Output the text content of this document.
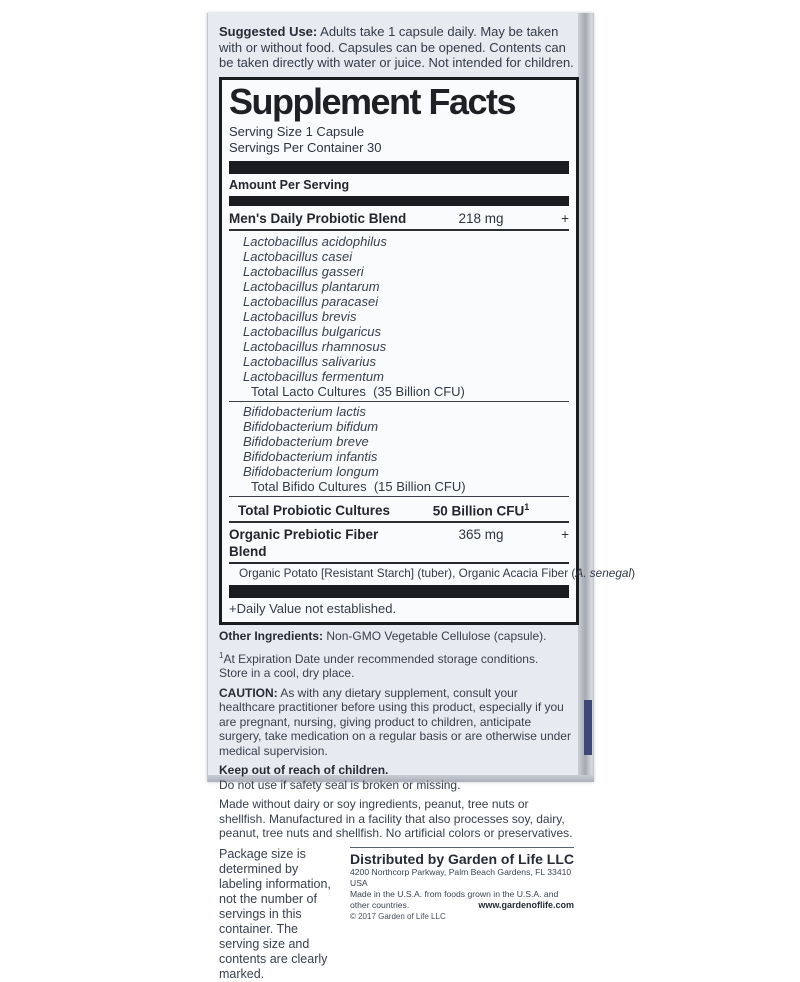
Suggested Use: Adults take 1 capsule daily. May be taken with or without food. Capsules can be opened. Contents can be taken directly with water or juice. Not intended for children.

Supplement Facts
Serving Size 1 Capsule
Servings Per Container 30
Amount Per Serving
Men's Daily Probiotic Blend	218 mg	+
Lactobacillus acidophilus
Lactobacillus casei
Lactobacillus gasseri
Lactobacillus plantarum
Lactobacillus paracasei
Lactobacillus brevis
Lactobacillus bulgaricus
Lactobacillus rhamnosus
Lactobacillus salivarius
Lactobacillus fermentum
Total Lacto Cultures  (35 Billion CFU)
Bifidobacterium lactis
Bifidobacterium bifidum
Bifidobacterium breve
Bifidobacterium infantis
Bifidobacterium longum
Total Bifido Cultures  (15 Billion CFU)
Total Probiotic Cultures	50 Billion CFU$^1$
Organic Prebiotic Fiber Blend
365 mg	+
Organic Potato [Resistant Starch] (tuber), Organic Acacia Fiber (A. senegal)
+Daily Value not established.

Other Ingredients: Non-GMO Vegetable Cellulose (capsule).

$^1$At Expiration Date under recommended storage conditions.
Store in a cool, dry place.

CAUTION: As with any dietary supplement, consult your healthcare practitioner before using this product, especially if you are pregnant, nursing, giving product to children, anticipate surgery, take medication on a regular basis or are otherwise under medical supervision.

Keep out of reach of children.
Do not use if safety seal is broken or missing.

Made without dairy or soy ingredients, peanut, tree nuts or shellfish. Manufactured in a facility that also processes soy, dairy, peanut, tree nuts and shellfish. No artificial colors or preservatives.

Package size is determined by labeling information, not the number of servings in this container. The serving size and contents are clearly marked.
Distributed by Garden of Life LLC
4200 Northcorp Parkway, Palm Beach Gardens, FL 33410 USA
Made in the U.S.A. from foods grown in the U.S.A. and
other countries.	www.gardenoflife.com
© 2017 Garden of Life LLC
